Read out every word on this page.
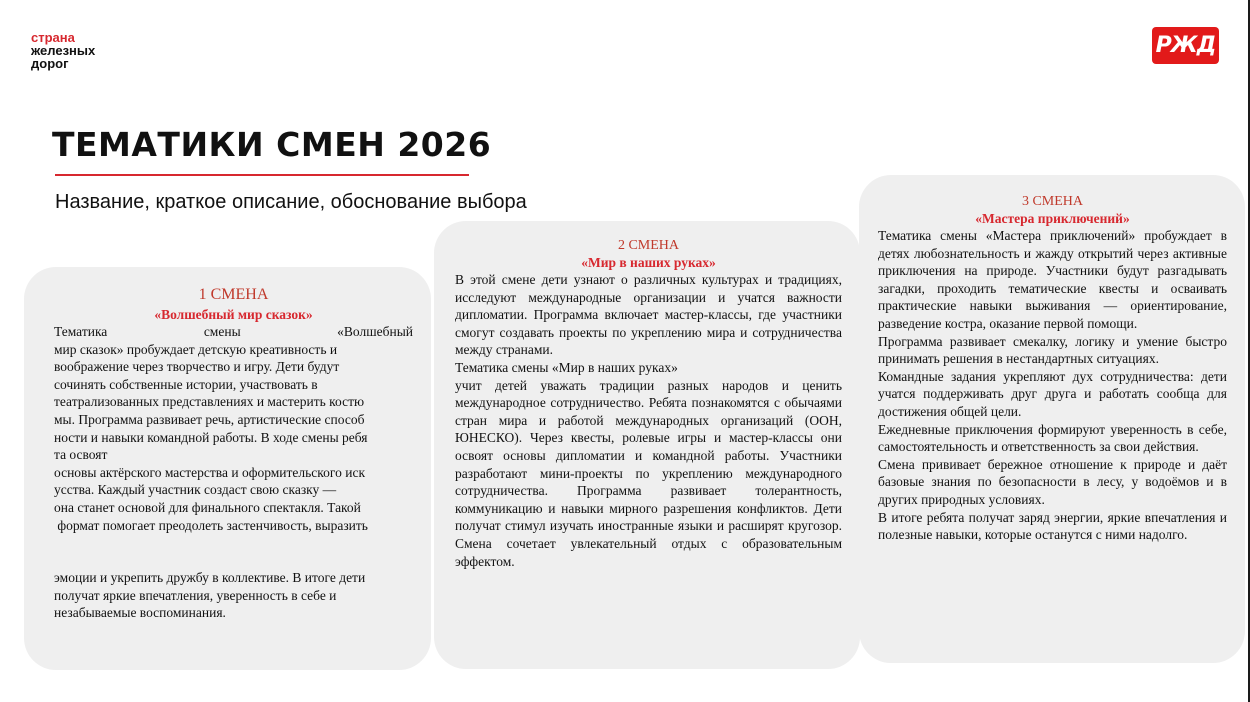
страна
железных
дорог
РЖД
ТЕМАТИКИ СМЕН 2026
Название, краткое описание, обоснование выбора
1 СМЕНА
«Волшебный мир сказок»
Тематика	смены	«Волшебный
мир сказок» пробуждает детскую креативность и
воображение через творчество и игру. Дети будут
сочинять собственные истории, участвовать в
театрализованных представлениях и мастерить костю
мы. Программа развивает речь, артистические способ
ности и навыки командной работы. В ходе смены ребя
та освоят
основы актёрского мастерства и оформительского иск
усства. Каждый участник создаст свою сказку —
она станет основой для финального спектакля. Такой
формат помогает преодолеть застенчивость, выразить
эмоции и укрепить дружбу в коллективе. В итоге дети
получат яркие впечатления, уверенность в себе и
незабываемые воспоминания.
2 СМЕНА
«Мир в наших руках»

В этой смене дети узнают о различных культурах и традициях, исследуют международные организации и учатся важности дипломатии. Программа включает мастер-классы, где участники смогут создавать проекты по укреплению мира и сотрудничества между странами.

Тематика смены «Мир в наших руках»

учит детей уважать традиции разных народов и ценить международное сотрудничество. Ребята познакомятся с обычаями стран мира и работой международных организаций (ООН, ЮНЕСКО). Через квесты, ролевые игры и мастер-классы они освоят основы дипломатии и командной работы. Участники разработают мини-проекты по укреплению международного сотрудничества. Программа развивает толерантность, коммуникацию и навыки мирного разрешения конфликтов. Дети получат стимул изучать иностранные языки и расширят кругозор. Смена сочетает увлекательный отдых с образовательным эффектом.

3 СМЕНА
«Мастера приключений»

Тематика смены «Мастера приключений» пробуждает в детях любознательность и жажду открытий через активные приключения на природе. Участники будут разгадывать загадки, проходить тематические квесты и осваивать практические навыки выживания — ориентирование, разведение костра, оказание первой помощи.

Программа развивает смекалку, логику и умение быстро принимать решения в нестандартных ситуациях.

Командные задания укрепляют дух сотрудничества: дети учатся поддерживать друг друга и работать сообща для достижения общей цели.

Ежедневные приключения формируют уверенность в себе, самостоятельность и ответственность за свои действия.

Смена прививает бережное отношение к природе и даёт базовые знания по безопасности в лесу, у водоёмов и в других природных условиях.

В итоге ребята получат заряд энергии, яркие впечатления и полезные навыки, которые останутся с ними надолго.
